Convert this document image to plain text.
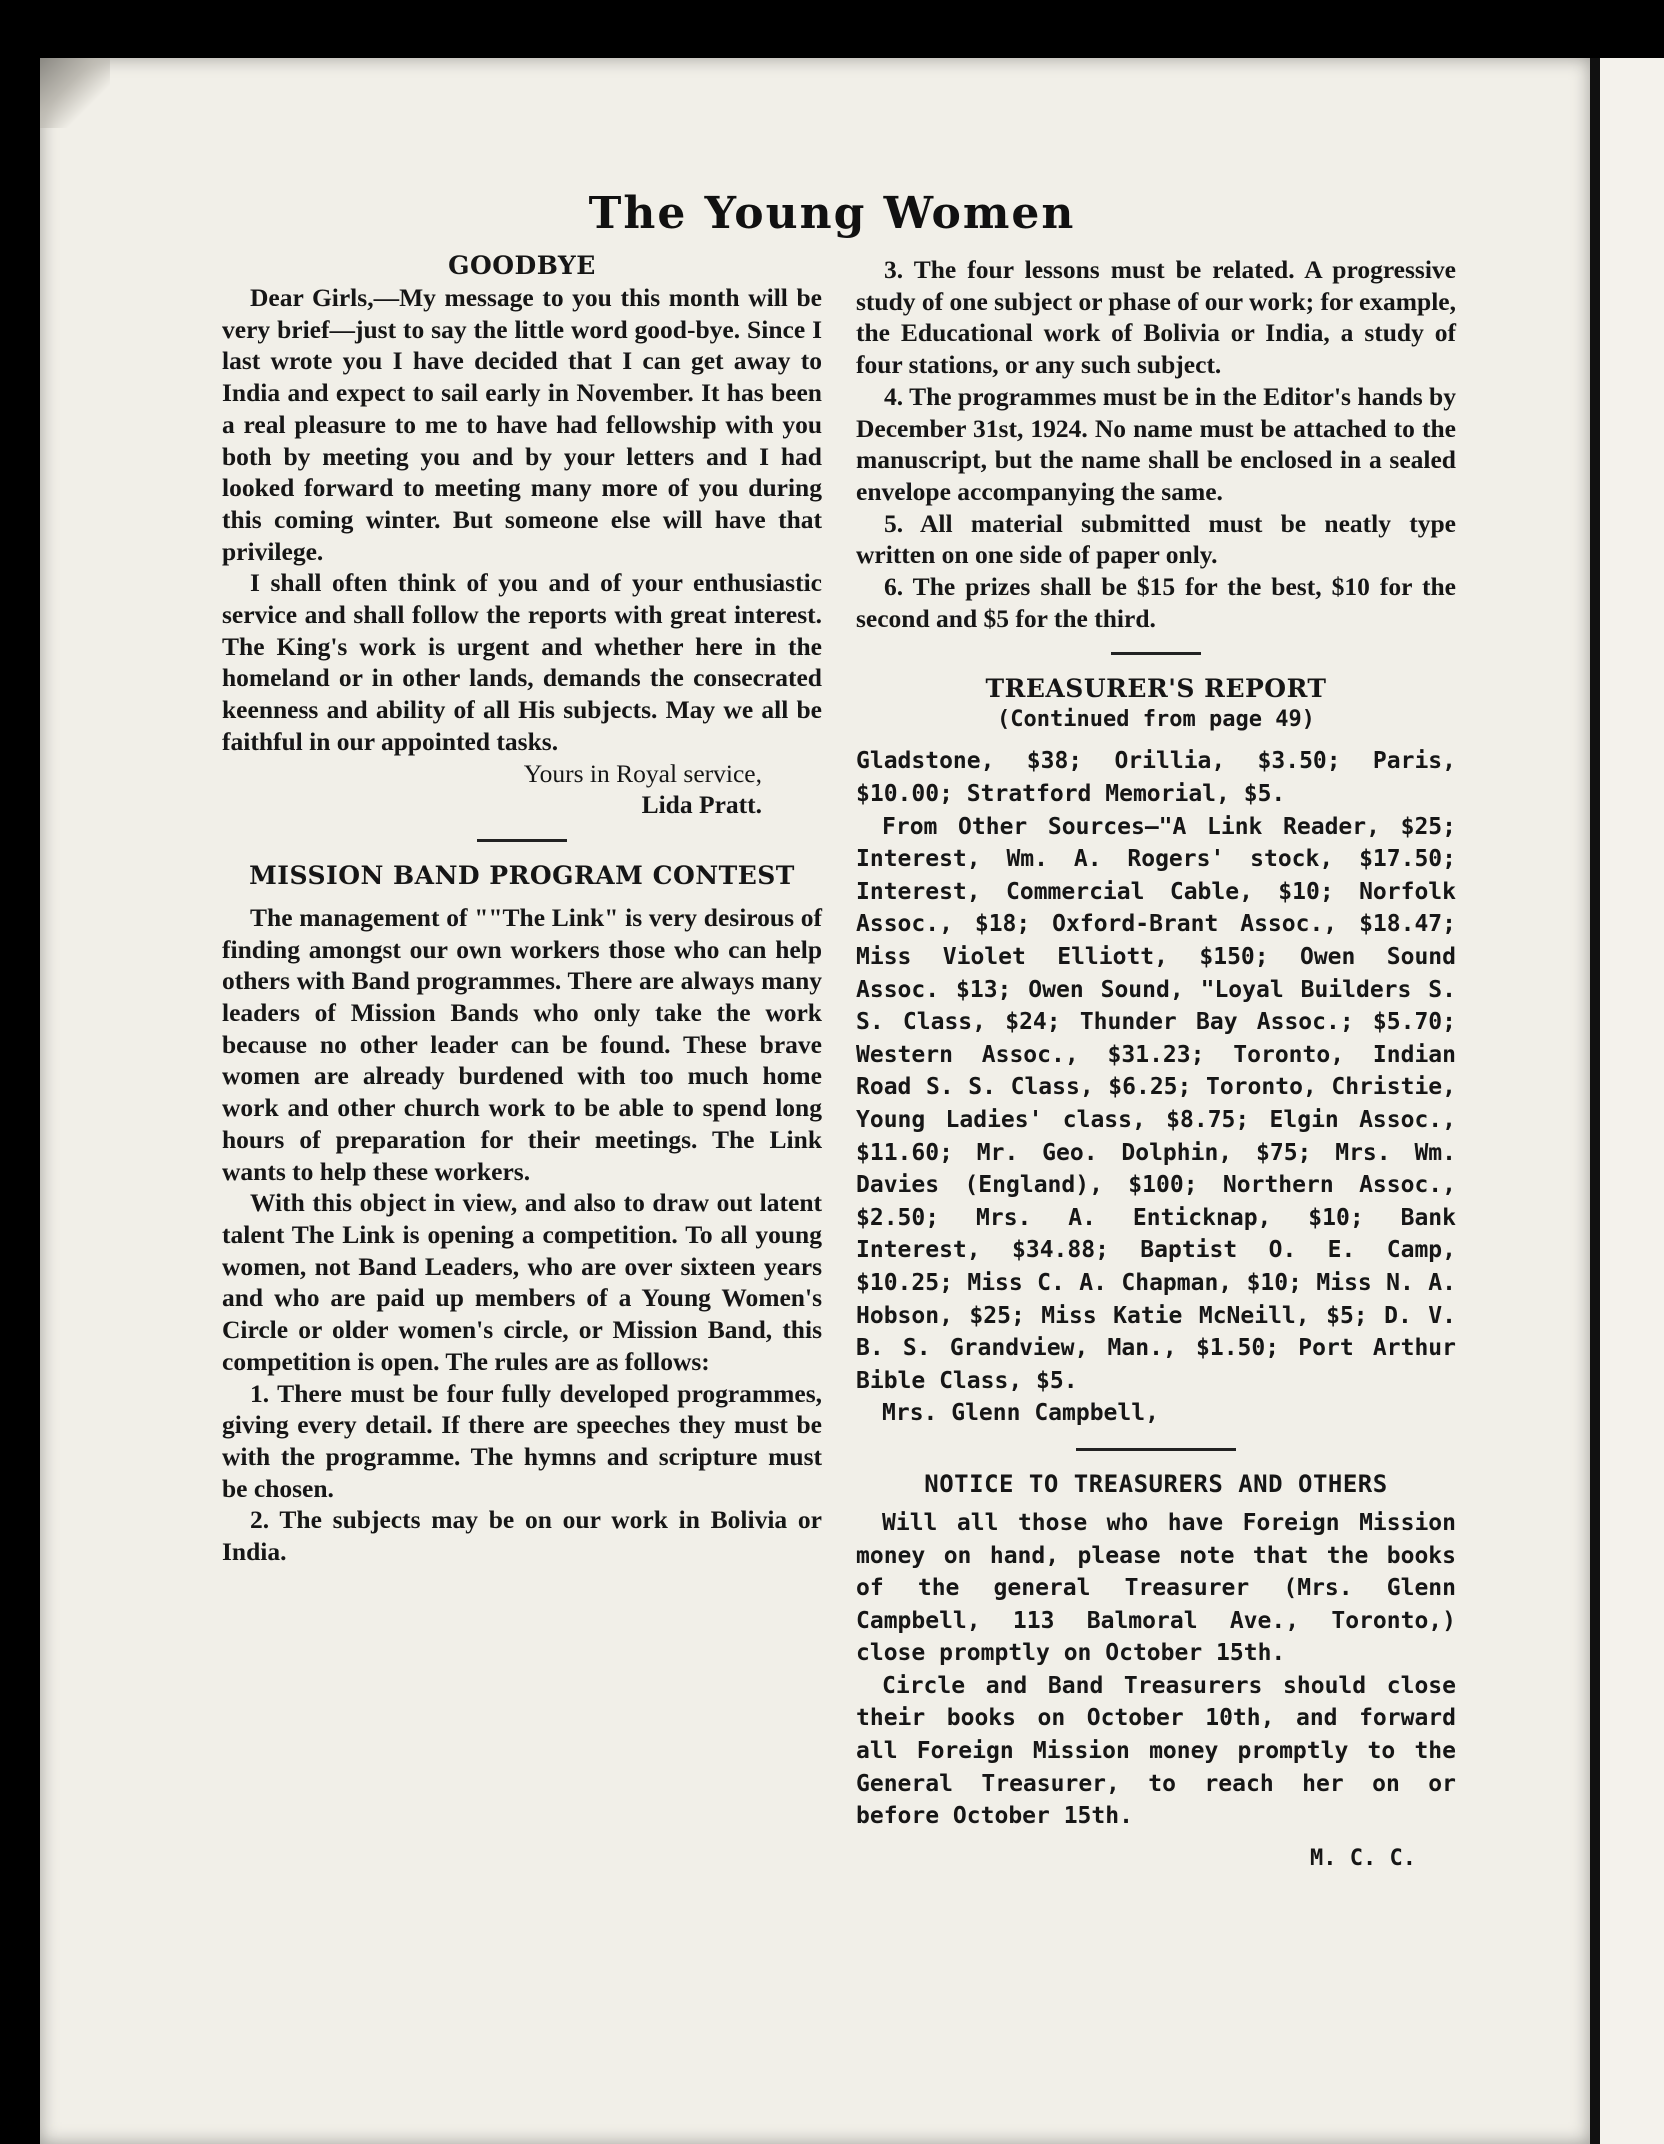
The Young Women
GOODBYE

Dear Girls,—My message to you this month will be very brief—just to say the little word good-bye. Since I last wrote you I have decided that I can get away to India and expect to sail early in November. It has been a real pleasure to me to have had fellowship with you both by meeting you and by your letters and I had looked forward to meeting many more of you during this coming winter. But someone else will have that privilege.

I shall often think of you and of your enthusiastic service and shall follow the reports with great interest. The King's work is urgent and whether here in the homeland or in other lands, demands the consecrated keenness and ability of all His subjects. May we all be faithful in our appointed tasks.

Yours in Royal service,
Lida Pratt.
MISSION BAND PROGRAM CONTEST

The management of ""The Link" is very desirous of finding amongst our own workers those who can help others with Band programmes. There are always many leaders of Mission Bands who only take the work because no other leader can be found. These brave women are already burdened with too much home work and other church work to be able to spend long hours of preparation for their meetings. The Link wants to help these workers.

With this object in view, and also to draw out latent talent The Link is opening a competition. To all young women, not Band Leaders, who are over sixteen years and who are paid up members of a Young Women's Circle or older women's circle, or Mission Band, this competition is open. The rules are as follows:

1. There must be four fully developed programmes, giving every detail. If there are speeches they must be with the programme. The hymns and scripture must be chosen.

2. The subjects may be on our work in Bolivia or India.

3. The four lessons must be related. A progressive study of one subject or phase of our work; for example, the Educational work of Bolivia or India, a study of four stations, or any such subject.

4. The programmes must be in the Editor's hands by December 31st, 1924. No name must be attached to the manuscript, but the name shall be enclosed in a sealed envelope accompanying the same.

5. All material submitted must be neatly type written on one side of paper only.

6. The prizes shall be $15 for the best, $10 for the second and $5 for the third.

TREASURER'S REPORT
(Continued from page 49)

Gladstone, $38; Orillia, $3.50; Paris, $10.00; Stratford Memorial, $5.

From Other Sources—"A Link Reader, $25; Interest, Wm. A. Rogers' stock, $17.50; Interest, Commercial Cable, $10; Norfolk Assoc., $18; Oxford-Brant Assoc., $18.47; Miss Violet Elliott, $150; Owen Sound Assoc. $13; Owen Sound, "Loyal Builders S. S. Class, $24; Thunder Bay Assoc.; $5.70; Western Assoc., $31.23; Toronto, Indian Road S. S. Class, $6.25; Toronto, Christie, Young Ladies' class, $8.75; Elgin Assoc., $11.60; Mr. Geo. Dolphin, $75; Mrs. Wm. Davies (England), $100; Northern Assoc., $2.50; Mrs. A. Enticknap, $10; Bank Interest, $34.88; Baptist O. E. Camp, $10.25; Miss C. A. Chapman, $10; Miss N. A. Hobson, $25; Miss Katie McNeill, $5; D. V. B. S. Grandview, Man., $1.50; Port Arthur Bible Class, $5.

Mrs. Glenn Campbell,

NOTICE TO TREASURERS AND OTHERS

Will all those who have Foreign Mission money on hand, please note that the books of the general Treasurer (Mrs. Glenn Campbell, 113 Balmoral Ave., Toronto,) close promptly on October 15th.

Circle and Band Treasurers should close their books on October 10th, and forward all Foreign Mission money promptly to the General Treasurer, to reach her on or before October 15th.

M. C. C.
